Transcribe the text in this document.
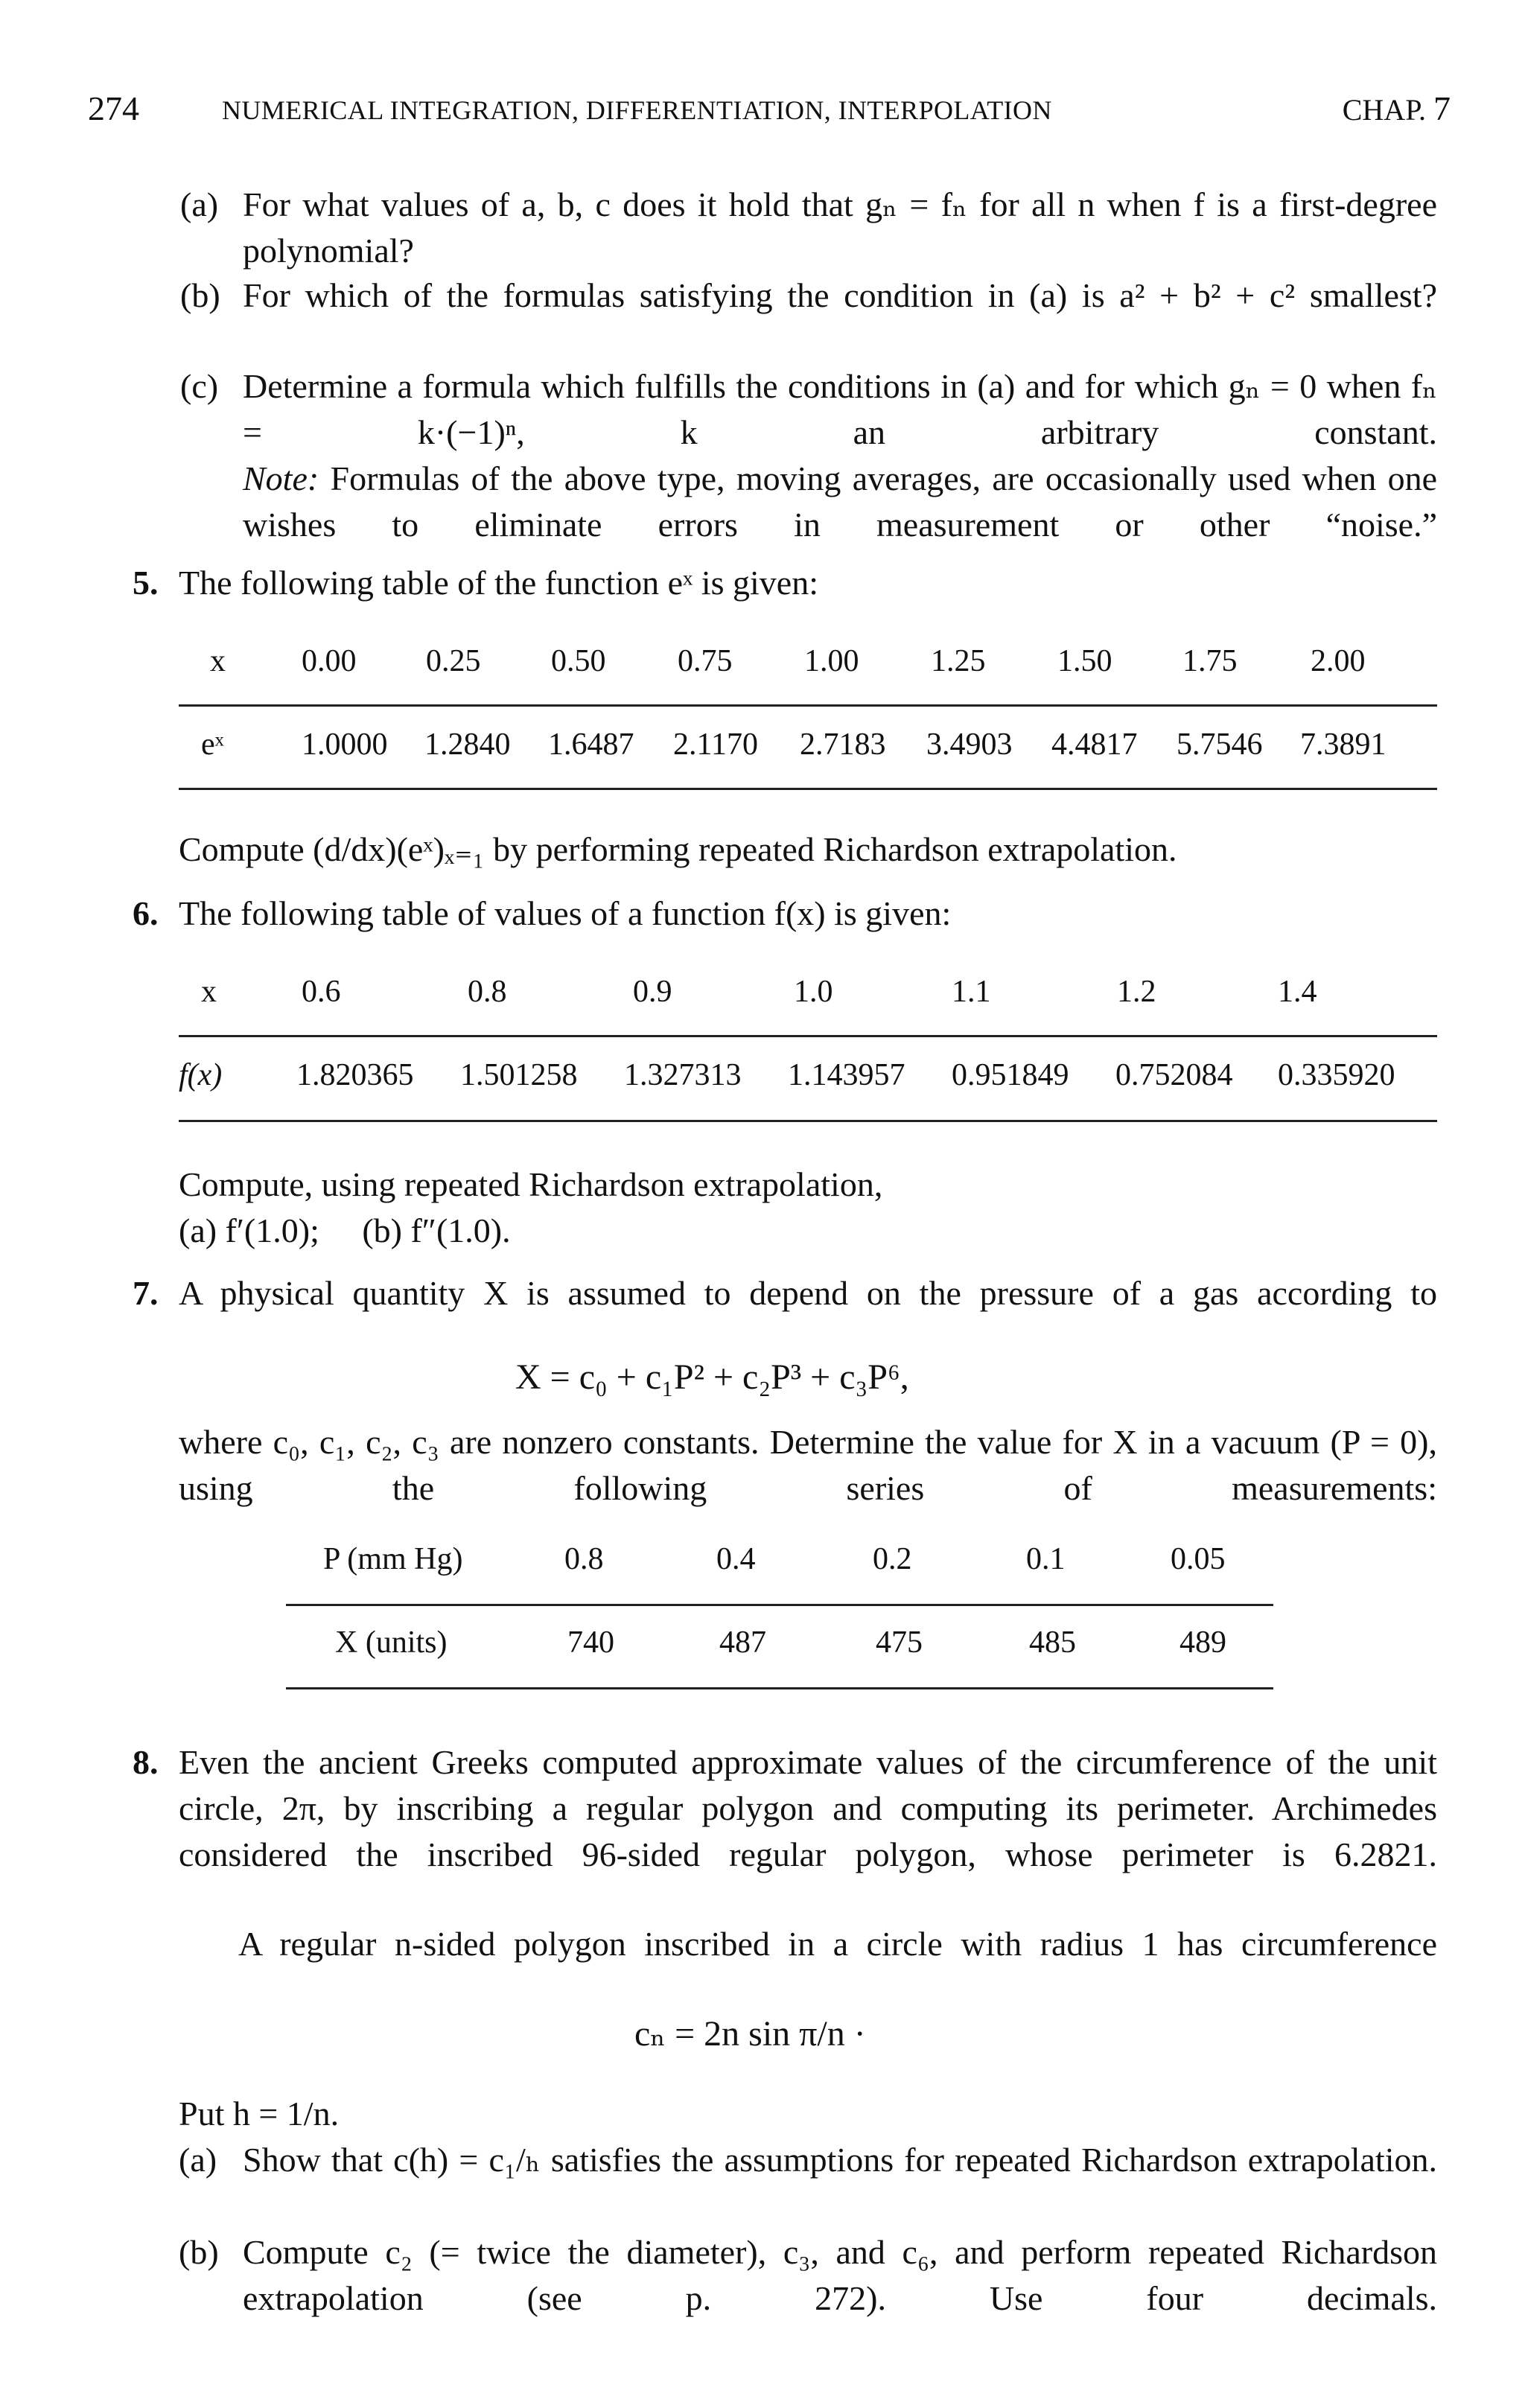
274	NUMERICAL INTEGRATION, DIFFERENTIATION, INTERPOLATION	CHAP. 7
(a) For what values of a, b, c does it hold that gₙ = fₙ for all n when f is a first-degree polynomial?
(b) For which of the formulas satisfying the condition in (a) is a² + b² + c² smallest?
(c) Determine a formula which fulfills the conditions in (a) and for which gₙ = 0 when fₙ = k·(−1)ⁿ, k an arbitrary constant.
Note: Formulas of the above type, moving averages, are occasionally used when one wishes to eliminate errors in measurement or other “noise.”
5. The following table of the function eˣ is given:
x 0.00 0.25 0.50 0.75 1.00 1.25 1.50 1.75 2.00
eˣ 1.0000 1.2840 1.6487 2.1170 2.7183 3.4903 4.4817 5.7546 7.3891
Compute (d/dx)(eˣ)ₓ₌₁ by performing repeated Richardson extrapolation.
6. The following table of values of a function f(x) is given:
x	0.6	0.8	0.9	1.0	1.1	1.2	1.4
f(x) 1.820365 1.501258 1.327313 1.143957 0.951849 0.752084 0.335920
Compute, using repeated Richardson extrapolation,
(a) f′(1.0);     (b) f″(1.0).
7. A physical quantity X is assumed to depend on the pressure of a gas according to
X = c₀ + c₁P² + c₂P³ + c₃P⁶,
where c₀, c₁, c₂, c₃ are nonzero constants. Determine the value for X in a vacuum (P = 0), using the following series of measurements:
P (mm Hg)	0.8	0.4	0.2	0.1	0.05
X (units)	740	487	475	485	489
8. Even the ancient Greeks computed approximate values of the circumference of the unit circle, 2π, by inscribing a regular polygon and computing its perimeter. Archimedes considered the inscribed 96-sided regular polygon, whose perimeter is 6.2821.
A regular n-sided polygon inscribed in a circle with radius 1 has circumference
cₙ = 2n sin π/n ·
Put h = 1/n.
(a) Show that c(h) = c₁/ₕ satisfies the assumptions for repeated Richardson extrapolation.
(b) Compute c₂ (= twice the diameter), c₃, and c₆, and perform repeated Richardson extrapolation (see p. 272). Use four decimals.
